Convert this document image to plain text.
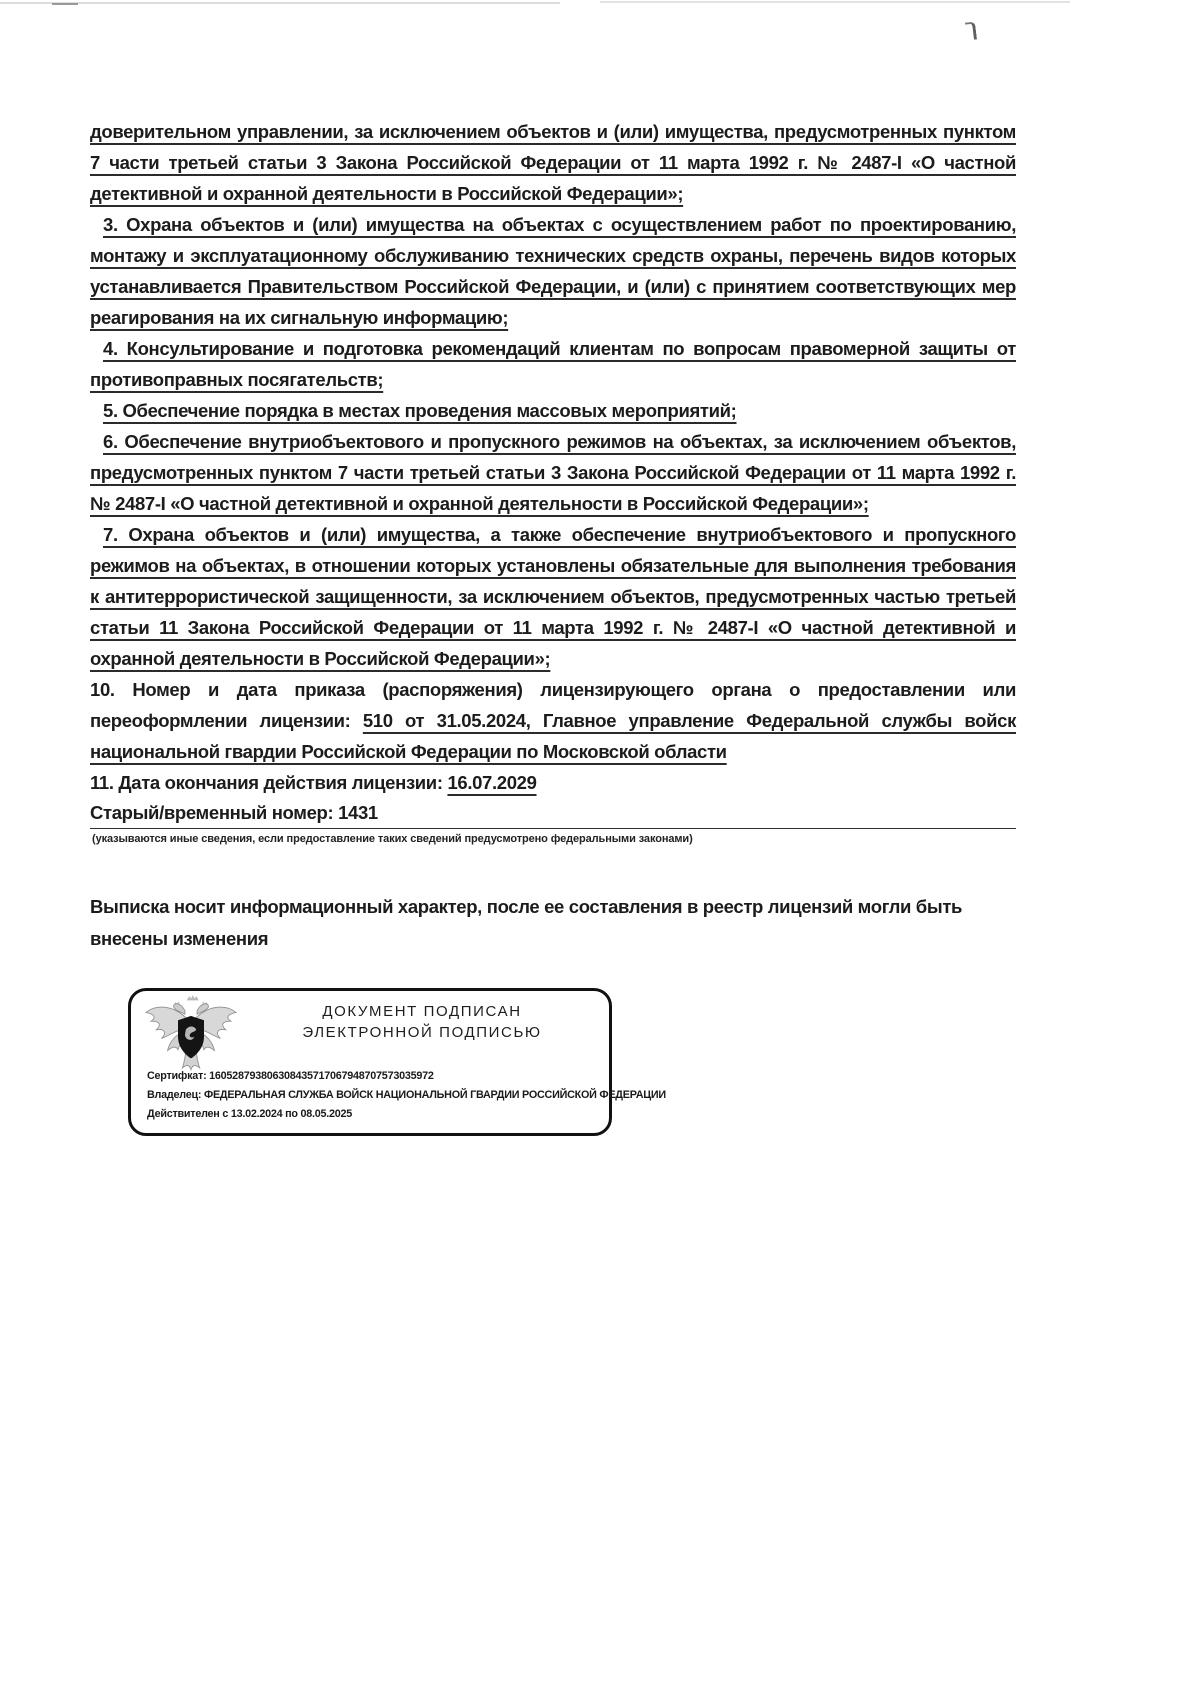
доверительном управлении, за исключением объектов и (или) имущества, предусмотренных пунктом 7 части третьей статьи 3 Закона Российской Федерации от 11 марта 1992 г. № 2487-I «О частной детективной и охранной деятельности в Российской Федерации»;

3. Охрана объектов и (или) имущества на объектах с осуществлением работ по проектированию, монтажу и эксплуатационному обслуживанию технических средств охраны, перечень видов которых устанавливается Правительством Российской Федерации, и (или) с принятием соответствующих мер реагирования на их сигнальную информацию;

4. Консультирование и подготовка рекомендаций клиентам по вопросам правомерной защиты от противоправных посягательств;

5. Обеспечение порядка в местах проведения массовых мероприятий;

6. Обеспечение внутриобъектового и пропускного режимов на объектах, за исключением объектов, предусмотренных пунктом 7 части третьей статьи 3 Закона Российской Федерации от 11 марта 1992 г. № 2487-I «О частной детективной и охранной деятельности в Российской Федерации»;

7. Охрана объектов и (или) имущества, а также обеспечение внутриобъектового и пропускного режимов на объектах, в отношении которых установлены обязательные для выполнения требования к антитеррористической защищенности, за исключением объектов, предусмотренных частью третьей статьи 11 Закона Российской Федерации от 11 марта 1992 г. № 2487-I «О частной детективной и охранной деятельности в Российской Федерации»;

10. Номер и дата приказа (распоряжения) лицензирующего органа о предоставлении или переоформлении лицензии: 510 от 31.05.2024, Главное управление Федеральной службы войск национальной гвардии Российской Федерации по Московской области

11. Дата окончания действия лицензии: 16.07.2029

Старый/временный номер: 1431
(указываются иные сведения, если предоставление таких сведений предусмотрено федеральными законами)

Выписка носит информационный характер, после ее составления в реестр лицензий могли быть внесены изменения

ДОКУМЕНТ ПОДПИСАН
ЭЛЕКТРОННОЙ ПОДПИСЬЮ
Сертифкат: 160528793806308435717067948707573035972
Владелец: ФЕДЕРАЛЬНАЯ СЛУЖБА ВОЙСК НАЦИОНАЛЬНОЙ ГВАРДИИ РОССИЙСКОЙ ФЕДЕРАЦИИ
Действителен с 13.02.2024 по 08.05.2025
